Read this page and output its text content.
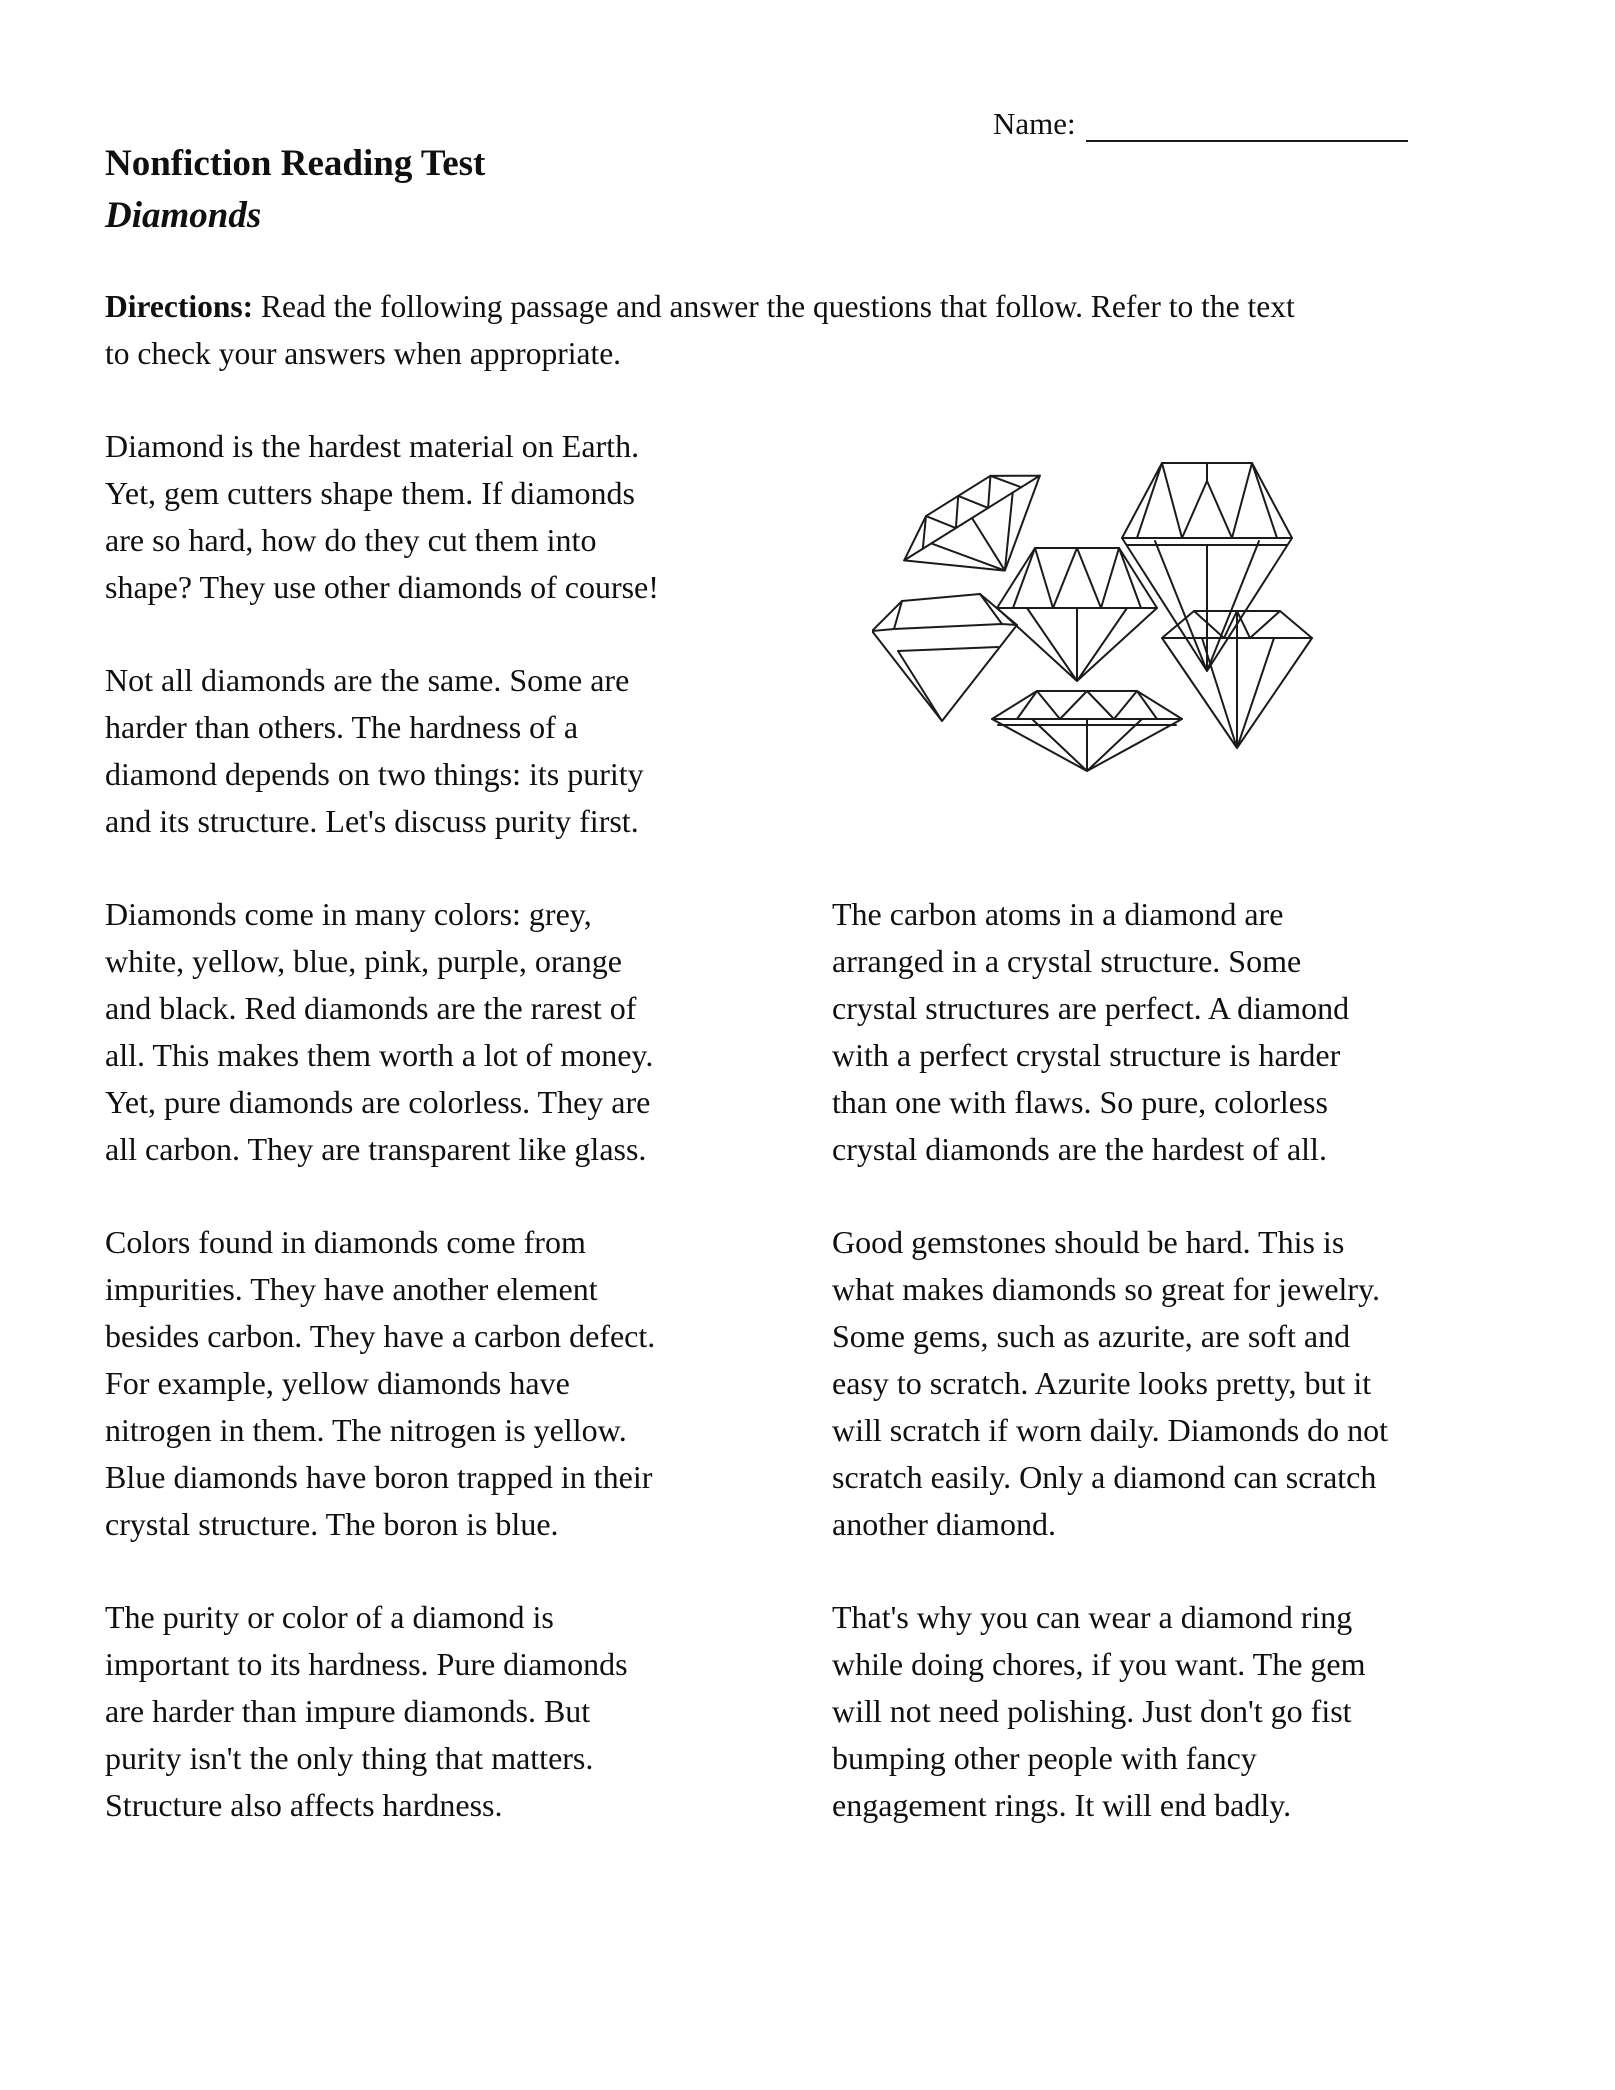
Name:
Nonfiction Reading Test
Diamonds
Directions: Read the following passage and answer the questions that follow. Refer to the text
to check your answers when appropriate.
Diamond is the hardest material on Earth.
Yet, gem cutters shape them. If diamonds
are so hard, how do they cut them into
shape? They use other diamonds of course!
Not all diamonds are the same. Some are
harder than others. The hardness of a
diamond depends on two things: its purity
and its structure. Let's discuss purity first.
Diamonds come in many colors: grey,
white, yellow, blue, pink, purple, orange
and black. Red diamonds are the rarest of
all. This makes them worth a lot of money.
Yet, pure diamonds are colorless. They are
all carbon. They are transparent like glass.
Colors found in diamonds come from
impurities. They have another element
besides carbon. They have a carbon defect.
For example, yellow diamonds have
nitrogen in them. The nitrogen is yellow.
Blue diamonds have boron trapped in their
crystal structure. The boron is blue.
The purity or color of a diamond is
important to its hardness. Pure diamonds
are harder than impure diamonds. But
purity isn't the only thing that matters.
Structure also affects hardness.
The carbon atoms in a diamond are
arranged in a crystal structure. Some
crystal structures are perfect. A diamond
with a perfect crystal structure is harder
than one with flaws. So pure, colorless
crystal diamonds are the hardest of all.
Good gemstones should be hard. This is
what makes diamonds so great for jewelry.
Some gems, such as azurite, are soft and
easy to scratch. Azurite looks pretty, but it
will scratch if worn daily. Diamonds do not
scratch easily. Only a diamond can scratch
another diamond.
That's why you can wear a diamond ring
while doing chores, if you want. The gem
will not need polishing. Just don't go fist
bumping other people with fancy
engagement rings. It will end badly.
